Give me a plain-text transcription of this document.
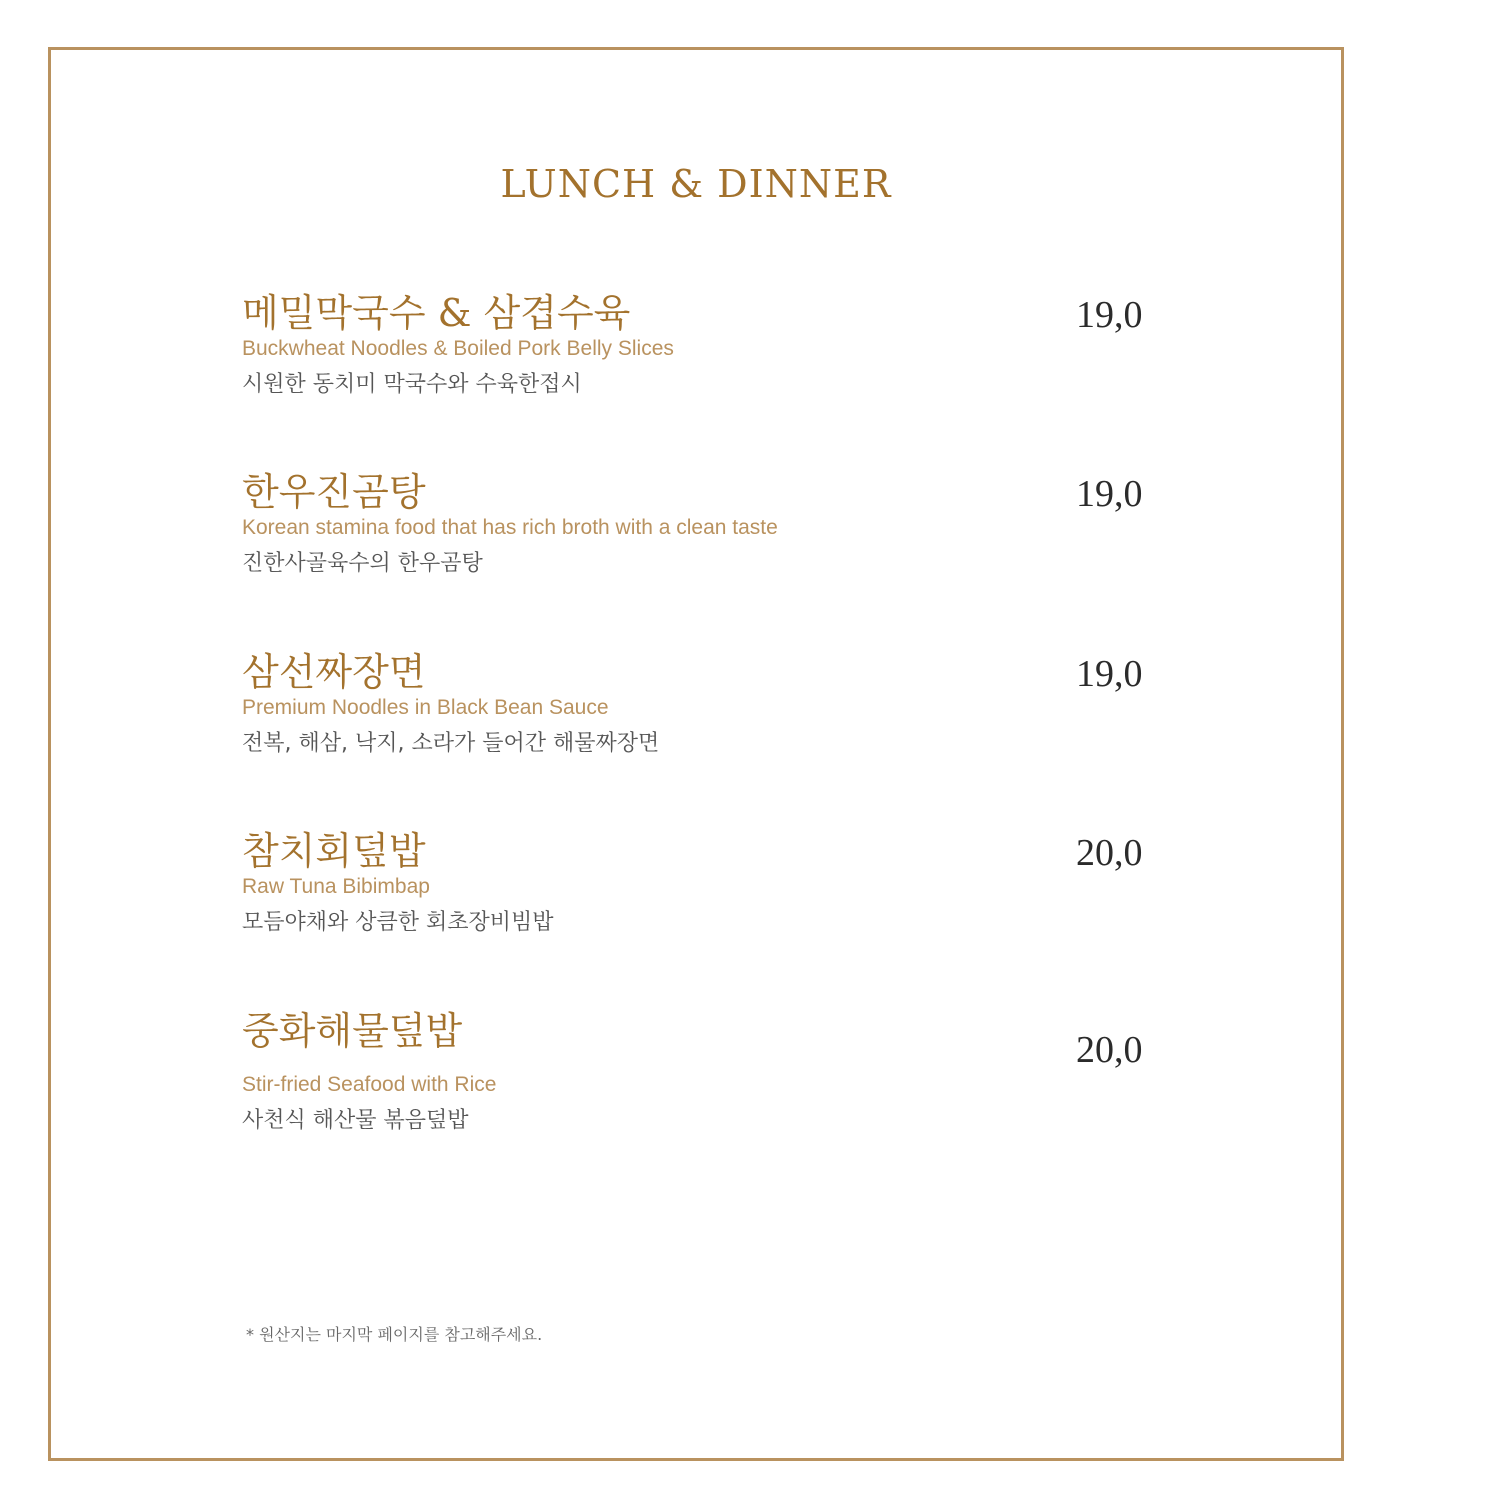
LUNCH & DINNER
메밀막국수 & 삼겹수육
Buckwheat Noodles & Boiled Pork Belly Slices
시원한 동치미 막국수와 수육한접시
19,0
한우진곰탕
Korean stamina food that has rich broth with a clean taste
진한사골육수의 한우곰탕
19,0
삼선짜장면
Premium Noodles in Black Bean Sauce
전복, 해삼, 낙지, 소라가 들어간 해물짜장면
19,0
참치회덮밥
Raw Tuna Bibimbap
모듬야채와 상큼한 회초장비빔밥
20,0
중화해물덮밥
Stir-fried Seafood with Rice
사천식 해산물 볶음덮밥
20,0
* 원산지는 마지막 페이지를 참고해주세요.
